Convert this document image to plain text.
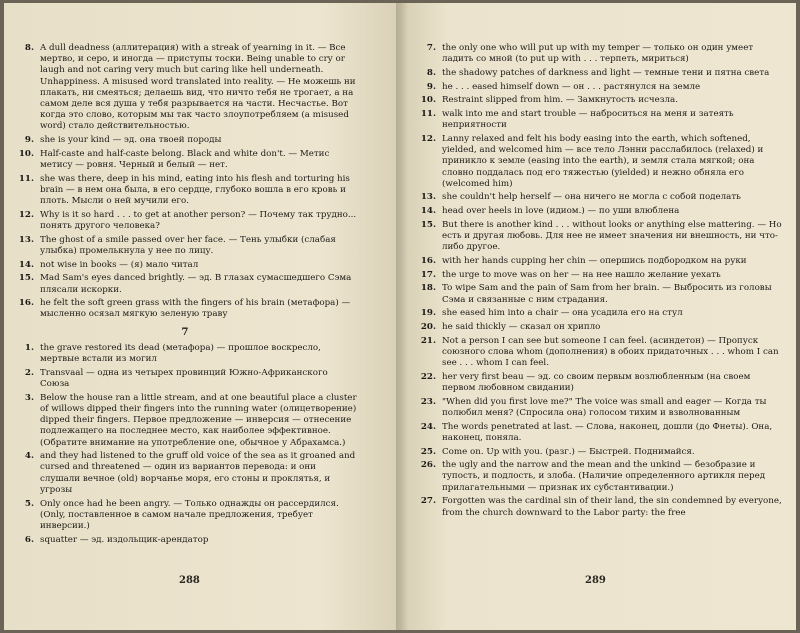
8. A dull deadness (аллитерация) with a streak of yearning in it. — Все мертво, и серо, и иногда — приступы тоски. Being unable to cry or laugh and not caring very much but caring like hell underneath. Unhappiness. A misused word translated into reality. — Не можешь ни плакать, ни смеяться; делаешь вид, что ничто тебя не трогает, а на самом деле вся душа у тебя разрывается на части. Несчастье. Вот когда это слово, которым мы так часто злоупотребляем (a misused word) стало действительностью.
9. she is your kind — эд. она твоей породы
10. Half-caste and half-caste belong. Black and white don't. — Метис метису — ровня. Черный и белый — нет.
11. she was there, deep in his mind, eating into his flesh and torturing his brain — в нем она была, в его сердце, глубоко вошла в его кровь и плоть. Мысли о ней мучили его.
12. Why is it so hard . . . to get at another person? — Почему так трудно... понять другого человека?
13. The ghost of a smile passed over her face. — Тень улыбки (слабая улыбка) промелькнула у нее по лицу.
14. not wise in books — (я) мало читал
15. Mad Sam's eyes danced brightly. — эд. В глазах сумасшедшего Сэма плясали искорки.
16. he felt the soft green grass with the fingers of his brain (метафора) —мысленно осязал мягкую зеленую траву
7
1. the grave restored its dead (метафора) — прошлое воскресло, мертвые встали из могил
2. Transvaal — одна из четырех провинций Южно-Африканского Союза
3. Below the house ran a little stream, and at one beautiful place a cluster of willows dipped their fingers into the running water (олицетворение) dipped their fingers. Первое предложение — инверсия — отнесение подлежащего на последнее место, как наиболее эффективное. (Обратите внимание на употребление one, обычное у Абрахамса.)
4. and they had listened to the gruff old voice of the sea as it groaned and cursed and threatened — один из вариантов перевода: и они слушали вечное (old) ворчанье моря, его стоны и проклятья, и угрозы
5. Only once had he been angry. — Только однажды он рассердился. (Only, поставленное в самом начале предложения, требует инверсии.)
6. squatter — эд. издольщик-арендатор
288
7. the only one who will put up with my temper — только он один умеет ладить со мной (to put up with . . . терпеть, мириться)
8. the shadowy patches of darkness and light — темные тени и пятна света
9. he . . . eased himself down — он . . . растянулся на земле
10. Restraint slipped from him. — Замкнутость исчезла.
11. walk into me and start trouble — наброситься на меня и затеять неприятности
12. Lanny relaxed and felt his body easing into the earth, which softened, yielded, and welcomed him — все тело Лэнни расслабилось (relaxed) и приникло к земле (easing into the earth), и земля стала мягкой; она словно поддалась под его тяжестью (yielded) и нежно обняла его (welcomed him)
13. she couldn't help herself — она ничего не могла с собой поделать
14. head over heels in love (идиом.) — по уши влюблена
15. But there is another kind . . . without looks or anything else mattering. — Но есть и другая любовь. Для нее не имеет значения ни внешность, ни что-либо другое.
16. with her hands cupping her chin — опершись подбородком на руки
17. the urge to move was on her — на нее нашло желание уехать
18. To wipe Sam and the pain of Sam from her brain. — Выбросить из головы Сэма и связанные с ним страдания.
19. she eased him into a chair — она усадила его на стул
20. he said thickly — сказал он хрипло
21. Not a person I can see but someone I can feel. (асиндетон) — Пропуск союзного слова whom (дополнения) в обоих придаточных . . . whom I can see . . . whom I can feel.
22. her very first beau — эд. со своим первым возлюбленным (на своем первом любовном свидании)
23. "When did you first love me?" The voice was small and eager — Когда ты полюбил меня? (Спросила она) голосом тихим и взволнованным
24. The words penetrated at last. — Слова, наконец, дошли (до Фнеты). Она, наконец, поняла.
25. Come on. Up with you. (разг.) — Быстрей. Поднимайся.
26. the ugly and the narrow and the mean and the unkind — безобразие и тупость, и подлость, и злоба. (Наличие определенного артикля перед прилагательными — признак их субстантивации.)
27. Forgotten was the cardinal sin of their land, the sin condemned by everyone, from the church downward to the Labor party: the free
289
